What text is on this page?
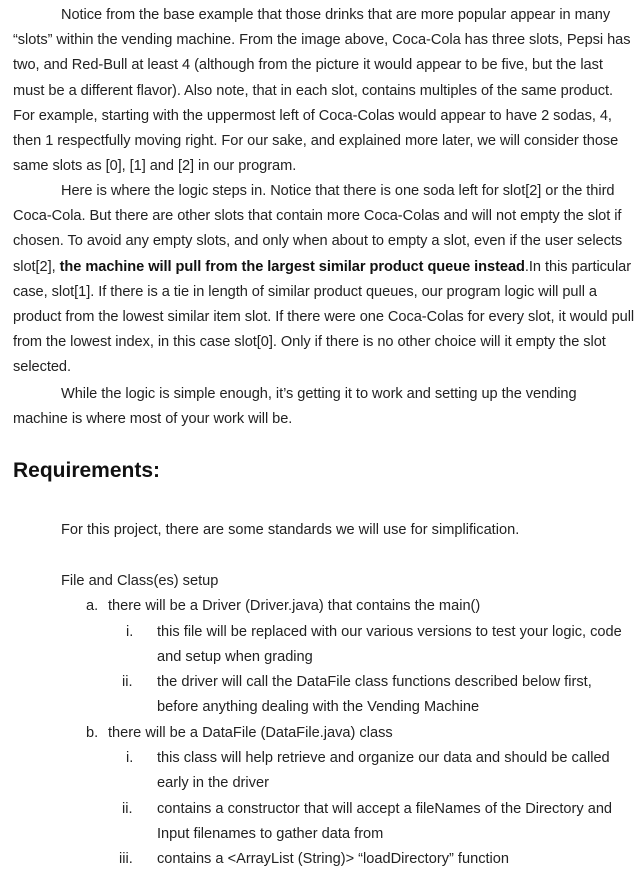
Notice from the base example that those drinks that are more popular appear in many “slots” within the vending machine. From the image above, Coca-Cola has three slots, Pepsi has two, and Red-Bull at least 4 (although from the picture it would appear to be five, but the last must be a different flavor). Also note, that in each slot, contains multiples of the same product. For example, starting with the uppermost left of Coca-Colas would appear to have 2 sodas, 4, then 1 respectfully moving right. For our sake, and explained more later, we will consider those same slots as [0], [1] and [2] in our program.

Here is where the logic steps in. Notice that there is one soda left for slot[2] or the third Coca-Cola. But there are other slots that contain more Coca-Colas and will not empty the slot if chosen. To avoid any empty slots, and only when about to empty a slot, even if the user selects slot[2], the machine will pull from the largest similar product queue instead.In this particular case, slot[1]. If there is a tie in length of similar product queues, our program logic will pull a product from the lowest similar item slot. If there were one Coca-Colas for every slot, it would pull from the lowest index, in this case slot[0]. Only if there is no other choice will it empty the slot selected.

While the logic is simple enough, it’s getting it to work and setting up the vending machine is where most of your work will be.

Requirements:

For this project, there are some standards we will use for simplification.

File and Class(es) setup

a. there will be a Driver (Driver.java) that contains the main()

i. this file will be replaced with our various versions to test your logic, code and setup when grading

ii. the driver will call the DataFile class functions described below first, before anything dealing with the Vending Machine

b. there will be a DataFile (DataFile.java) class

i. this class will help retrieve and organize our data and should be called early in the driver

ii. contains a constructor that will accept a fileNames of the Directory and Input filenames to gather data from

iii. contains a <ArrayList (String)> “loadDirectory” function
